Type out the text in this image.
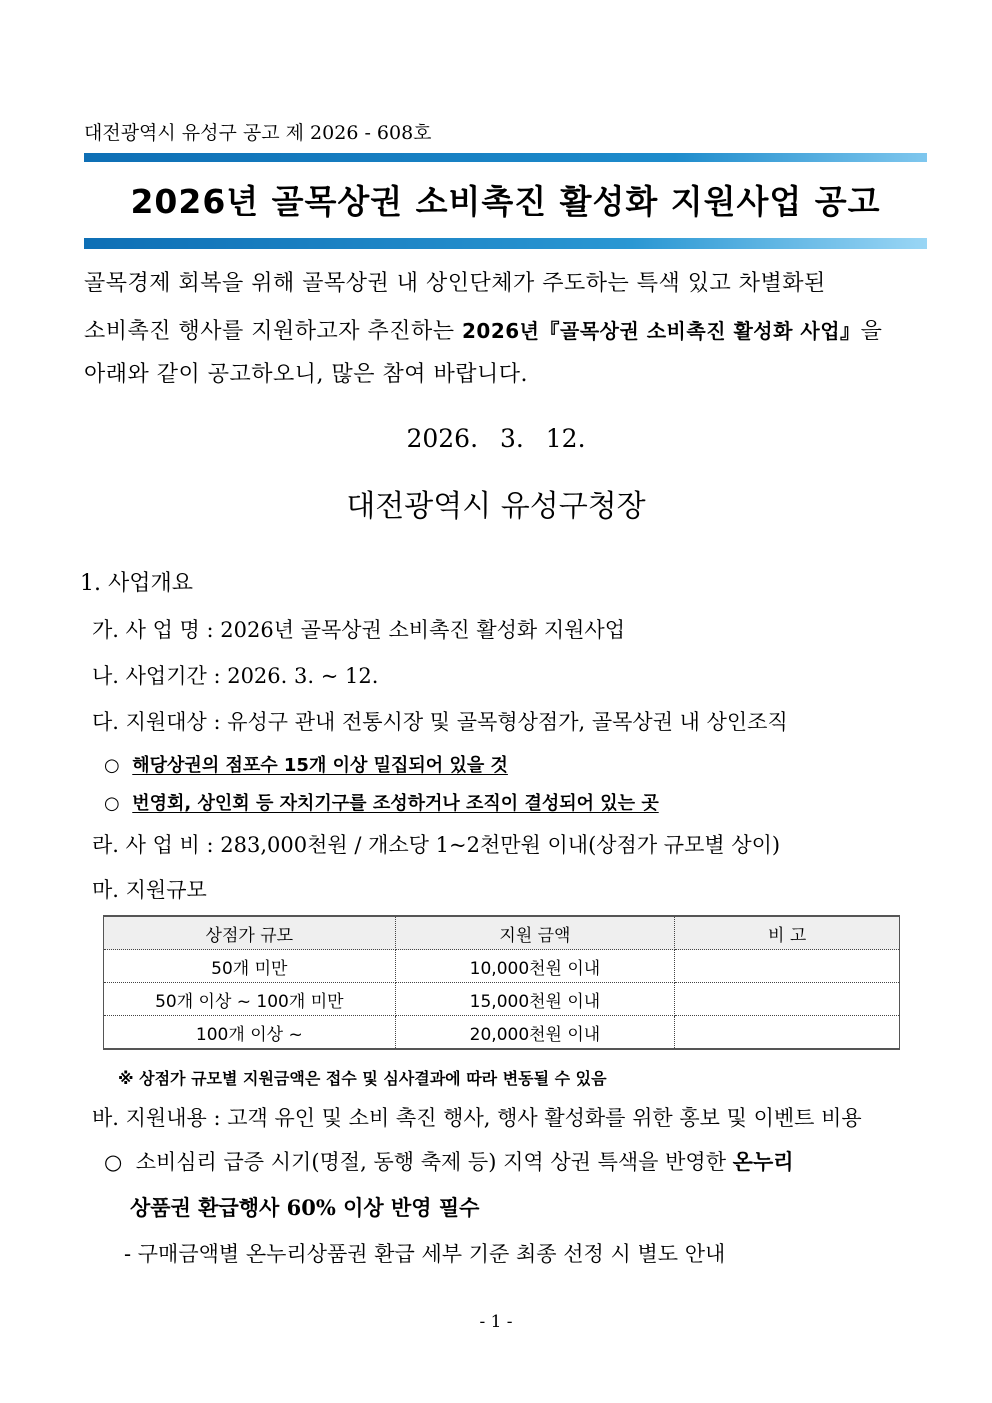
대전광역시 유성구 공고 제 2026 - 608호
2026년 골목상권 소비촉진 활성화 지원사업 공고
골목경제 회복을 위해 골목상권 내 상인단체가 주도하는 특색 있고 차별화된
소비촉진 행사를 지원하고자 추진하는 2026년『골목상권 소비촉진 활성화 사업』을
아래와 같이 공고하오니, 많은 참여 바랍니다.
2026. 3. 12.
대전광역시 유성구청장
1. 사업개요
가. 사 업 명 : 2026년 골목상권 소비촉진 활성화 지원사업
나. 사업기간 : 2026. 3. ~ 12.
다. 지원대상 : 유성구 관내 전통시장 및 골목형상점가, 골목상권 내 상인조직
○ 해당상권의 점포수 15개 이상 밀집되어 있을 것
○ 번영회, 상인회 등 자치기구를 조성하거나 조직이 결성되어 있는 곳
라. 사 업 비 : 283,000천원 / 개소당 1~2천만원 이내(상점가 규모별 상이)
마. 지원규모
상점가 규모	지원 금액	비 고
50개 미만	10,000천원 이내	
50개 이상 ~ 100개 미만	15,000천원 이내	
100개 이상 ~	20,000천원 이내	
※ 상점가 규모별 지원금액은 접수 및 심사결과에 따라 변동될 수 있음
바. 지원내용 : 고객 유인 및 소비 촉진 행사, 행사 활성화를 위한 홍보 및 이벤트 비용
○ 소비심리 급증 시기(명절, 동행 축제 등) 지역 상권 특색을 반영한 온누리
상품권 환급행사 60% 이상 반영 필수
- 구매금액별 온누리상품권 환급 세부 기준 최종 선정 시 별도 안내
- 1 -
